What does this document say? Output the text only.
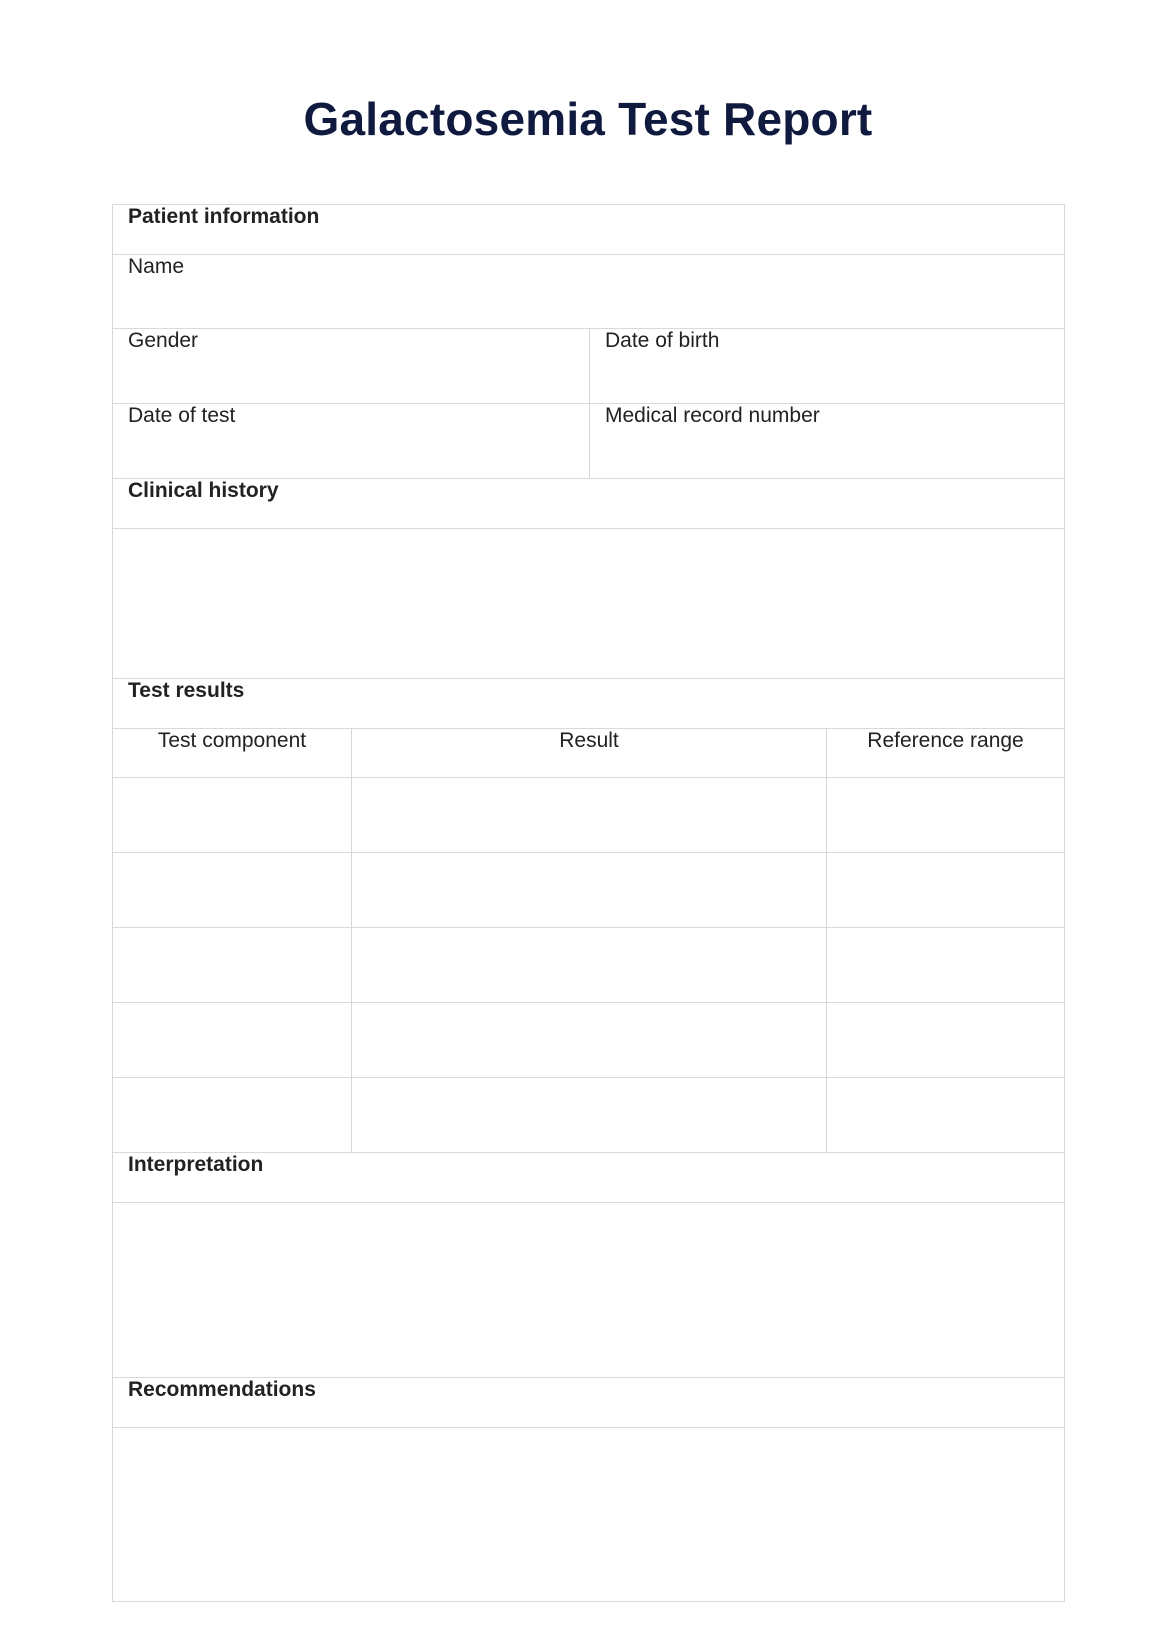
Galactosemia Test Report
Patient information			
Name			
Gender		Date of birth	
Date of test		Medical record number	
Clinical history			

Test results			
Test component	Result		Reference range

Interpretation			

Recommendations			
